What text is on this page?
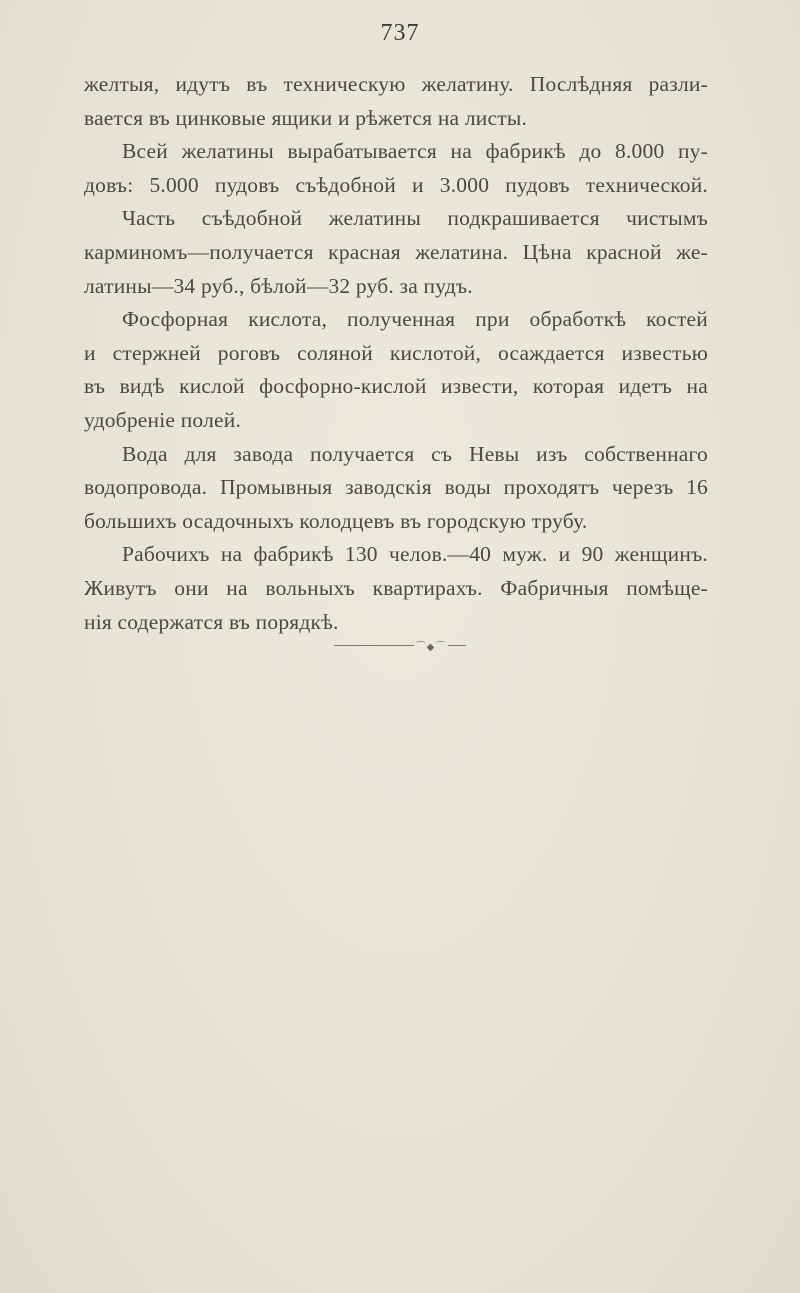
737
желтыя, идутъ въ техническую желатину. Послѣдняя разли-
вается въ цинковые ящики и рѣжется на листы.
Всей желатины вырабатывается на фабрикѣ до 8.000 пу-
довъ: 5.000 пудовъ съѣдобной и 3.000 пудовъ технической.
Часть съѣдобной желатины подкрашивается чистымъ
карминомъ—получается красная желатина. Цѣна красной же-
латины—34 руб., бѣлой—32 руб. за пудъ.
Фосфорная кислота, полученная при обработкѣ костей
и стержней роговъ соляной кислотой, осаждается известью
въ видѣ кислой фосфорно-кислой извести, которая идетъ на
удобреніе полей.
Вода для завода получается съ Невы изъ собственнаго
водопровода. Промывныя заводскія воды проходятъ черезъ 16
большихъ осадочныхъ колодцевъ въ городскую трубу.
Рабочихъ на фабрикѣ 130 челов.—40 муж. и 90 женщинъ.
Живутъ они на вольныхъ квартирахъ. Фабричныя помѣще-
нія содержатся въ порядкѣ.
⌒◆⌒
